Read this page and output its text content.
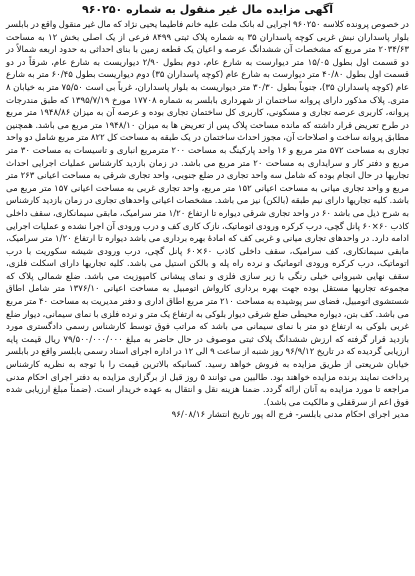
آگهی مزایده مال غیر منقول به شماره ۹۶۰۲۵۰

در خصوص پرونده کلاسه ۹۶۰۲۵۰ اجرایی له بانک ملت علیه خانم فاطیما یحیی نژاد که مال غیر منقول واقع در بابلسر بلوار پاسداران نبش غربی کوچه پاسداران ۳۵ به شماره پلاک ثبتی ۸۴۹۹ فرعی از یک اصلی بخش ۱۲ به مساحت ۲۰۳۴/۶۳ متر مربع که مشخصات آن ششدانگ عرصه و اعیان یک قطعه زمین با بنای احداثی به حدود اربعه شمالاً در دو قسمت اول بطول ۱۵/۰۵ متر دیوارست به شارع عام، دوم بطول ۲/۹۰ دیواریست به شارع عام، شرقاً در دو قسمت اول بطول ۴۰/۸۰ متر دیوارست به شارع عام (کوچه پاسداران ۳۵) دوم دیواریست بطول ۶۰/۴۵ متر به شارع عام (کوچه پاسداران ۳۵)، جنوباً بطول ۳۰/۳۰ متر دیواریست به بلوار پاسداران، غرباً بی است ۷۵/۵۰ متر به خیابان ۸ متری. پلاک مذکور دارای پروانه ساختمان از شهرداری بابلسر به شماره ۱۷۷۰۸ مورخ ۱۳۹۵/۷/۱۹ که طبق مندرجات پروانه، کاربری عرصه تجاری و مسکونی، کاربری کل ساختمان تجاری بوده و عرصه آن به میزان ۱۹۴۸/۸۶ متر مربع در طرح تعریض قرار داشته که مانده مساحت پلاک پس از تعریض ها به میزان ۱۹۴۸/۱۰ متر مربع می باشد. همچنین مطابق پروانه ساخت و اصلاحات آن، مجوز احداث ساختمان در یک طبقه به مساحت کل ۸۲۲ متر مربع شامل دو واحد تجاری به مساحت ۵۷۲ متر مربع و ۱۶ واحد پارکینگ به مساحت ۲۰۰ مترمربع انباری و تاسیسات به مساحت ۳۰ متر مربع و دفتر کار و سرایداری به مساحت ۲۰ متر مربع می باشد. در زمان بازدید کارشناس عملیات اجرایی احداث تجاریها در حال انجام بوده که شامل سه واحد تجاری در ضلع جنوبی، واحد تجاری شرقی به مساحت اعیانی ۲۶۳ متر مربع و واحد تجاری میانی به مساحت اعیانی ۱۵۲ متر مربع، واحد تجاری غربی به مساحت اعیانی ۱۵۷ متر مربع می باشد. کلیه تجاریها دارای نیم طبقه (بالکن) نیز می باشد. مشخصات اعیانی واحدهای تجاری در زمان بازدید کارشناس به شرح ذیل می باشد ۶۰ در واحد تجاری شرقی دیواره تا ارتفاع ۱/۲۰ متر سرامیک، مابقی سیمانکاری، سقف داخلی کاذب ۶۰×۶۰ پانل گچی، درب کرکره ورودی اتوماتیک، نازک کاری کف و درب ورودی آن اجرا نشده و عملیات اجرایی ادامه دارد. در واحدهای تجاری میانی و غربی کف که امادۀ بهره برداری می باشد دیواره تا ارتفاع ۱/۲۰ متر سرامیک، مابقی سیمانکاری، کف سرامیک، سقف داخلی کاذب ۶۰×۶۰ پانل گچی، درب ورودی شیشه سکوریت با درب اتوماتیک، درب کرکره ورودی اتوماتیک و نرده راه پله و بالکن استیل می باشد. کلیه تجاریها دارای اسکلت فلزی، سقف نهایی شیروانی خیلی رنگی با زیر سازی فلزی و نمای پیشانی کامپوزیت می باشد. ضلع شمالی پلاک که مجموعه تجاریها مستقل بوده جهت بهره برداری کارواش اتومبیل به مساحت اعیانی ۱۳۷۶/۱۰ متر شامل اطاق شستشوی اتومبیل، فضای سر پوشیده به مساحت ۲۱۰ متر مربع اطاق اداری و دفتر مدیریت به مساحت ۴۰ متر مربع می باشد. کف بتن، دیواره محیطی ضلع شرقی دیوار بلوکی به ارتفاع یک متر و نرده فلزی با نمای سیمانی، دیوار ضلع غربی بلوکی به ارتفاع دو متر با نمای سیمانی می باشد که مراتب فوق توسط کارشناس رسمی دادگستری مورد بازدید قرار گرفته که ارزش ششدانگ پلاک ثبتی موصوف در حال حاضر به مبلغ ۷۹/۵۰۰/۰۰۰/۰۰۰ ریال قیمت پایه ارزیابی گردیده که در تاریخ ۹۶/۹/۱۲ روز شنبه از ساعت ۹ الی ۱۲ در اداره اجرای اسناد رسمی بابلسر واقع در بابلسر خیابان شریعتی از طریق مزایده به فروش خواهد رسید. کسانیکه بالاترین قیمت را با توجه به نظریه کارشناس پرداخت نمایند برنده مزایده خواهند بود. طالبین می توانند ۵ روز قبل از برگزاری مزایده به دفتر اجرای احکام مدنی مراجعه تا مورد مزایده به آنان ارائه گردد. ضمنا هزینه نقل و انتقال به عهده خریدار است. (ضمناً مبلغ ارزیابی شده فوق اعم از سرقفلی و مالکیت می باشد).

مدیر اجرای احکام مدنی بابلسر- فرج اله پور تاریخ انتشار ۹۶/۰۸/۱۶
